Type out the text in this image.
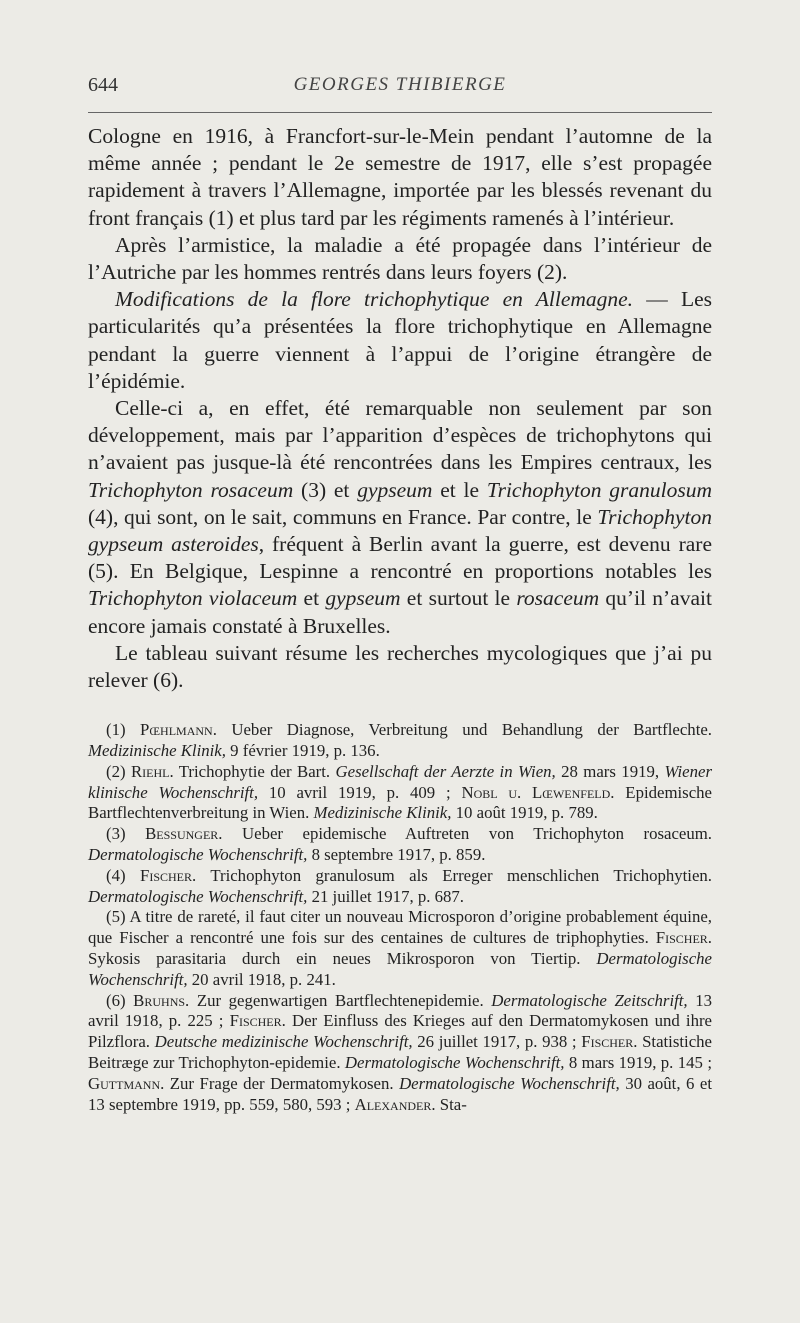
644	GEORGES THIBIERGE

Cologne en 1916, à Francfort-sur-le-Mein pendant l’automne de la même année ; pendant le 2e semestre de 1917, elle s’est propagée rapidement à travers l’Allemagne, importée par les blessés revenant du front français (1) et plus tard par les régiments ramenés à l’intérieur.

Après l’armistice, la maladie a été propagée dans l’intérieur de l’Autriche par les hommes rentrés dans leurs foyers (2).

Modifications de la flore trichophytique en Allemagne. — Les particularités qu’a présentées la flore trichophytique en Allemagne pendant la guerre viennent à l’appui de l’origine étrangère de l’épidémie.

Celle-ci a, en effet, été remarquable non seulement par son développement, mais par l’apparition d’espèces de trichophytons qui n’avaient pas jusque-là été rencontrées dans les Empires centraux, les Trichophyton rosaceum (3) et gypseum et le Trichophyton granulosum (4), qui sont, on le sait, communs en France. Par contre, le Trichophyton gypseum asteroides, fréquent à Berlin avant la guerre, est devenu rare (5). En Belgique, Lespinne a rencontré en proportions notables les Trichophyton violaceum et gypseum et surtout le rosaceum qu’il n’avait encore jamais constaté à Bruxelles.

Le tableau suivant résume les recherches mycologiques que j’ai pu relever (6).

(1) Pœhlmann. Ueber Diagnose, Verbreitung und Behandlung der Bartflechte. Medizinische Klinik, 9 février 1919, p. 136.

(2) Riehl. Trichophytie der Bart. Gesellschaft der Aerzte in Wien, 28 mars 1919, Wiener klinische Wochenschrift, 10 avril 1919, p. 409 ; Nobl u. Lœwenfeld. Epidemische Bartflechtenverbreitung in Wien. Medizinische Klinik, 10 août 1919, p. 789.

(3) Bessunger. Ueber epidemische Auftreten von Trichophyton rosaceum. Dermatologische Wochenschrift, 8 septembre 1917, p. 859.

(4) Fischer. Trichophyton granulosum als Erreger menschlichen Trichophytien. Dermatologische Wochenschrift, 21 juillet 1917, p. 687.

(5) A titre de rareté, il faut citer un nouveau Microsporon d’origine probablement équine, que Fischer a rencontré une fois sur des centaines de cultures de triphophyties. Fischer. Sykosis parasitaria durch ein neues Mikrosporon von Tiertip. Dermatologische Wochenschrift, 20 avril 1918, p. 241.

(6) Bruhns. Zur gegenwartigen Bartflechtenepidemie. Dermatologische Zeitschrift, 13 avril 1918, p. 225 ; Fischer. Der Einfluss des Krieges auf den Dermatomykosen und ihre Pilzflora. Deutsche medizinische Wochenschrift, 26 juillet 1917, p. 938 ; Fischer. Statistiche Beitræge zur Trichophyton-epidemie. Dermatologische Wochenschrift, 8 mars 1919, p. 145 ; Guttmann. Zur Frage der Dermatomykosen. Dermatologische Wochenschrift, 30 août, 6 et 13 septembre 1919, pp. 559, 580, 593 ; Alexander. Sta-
